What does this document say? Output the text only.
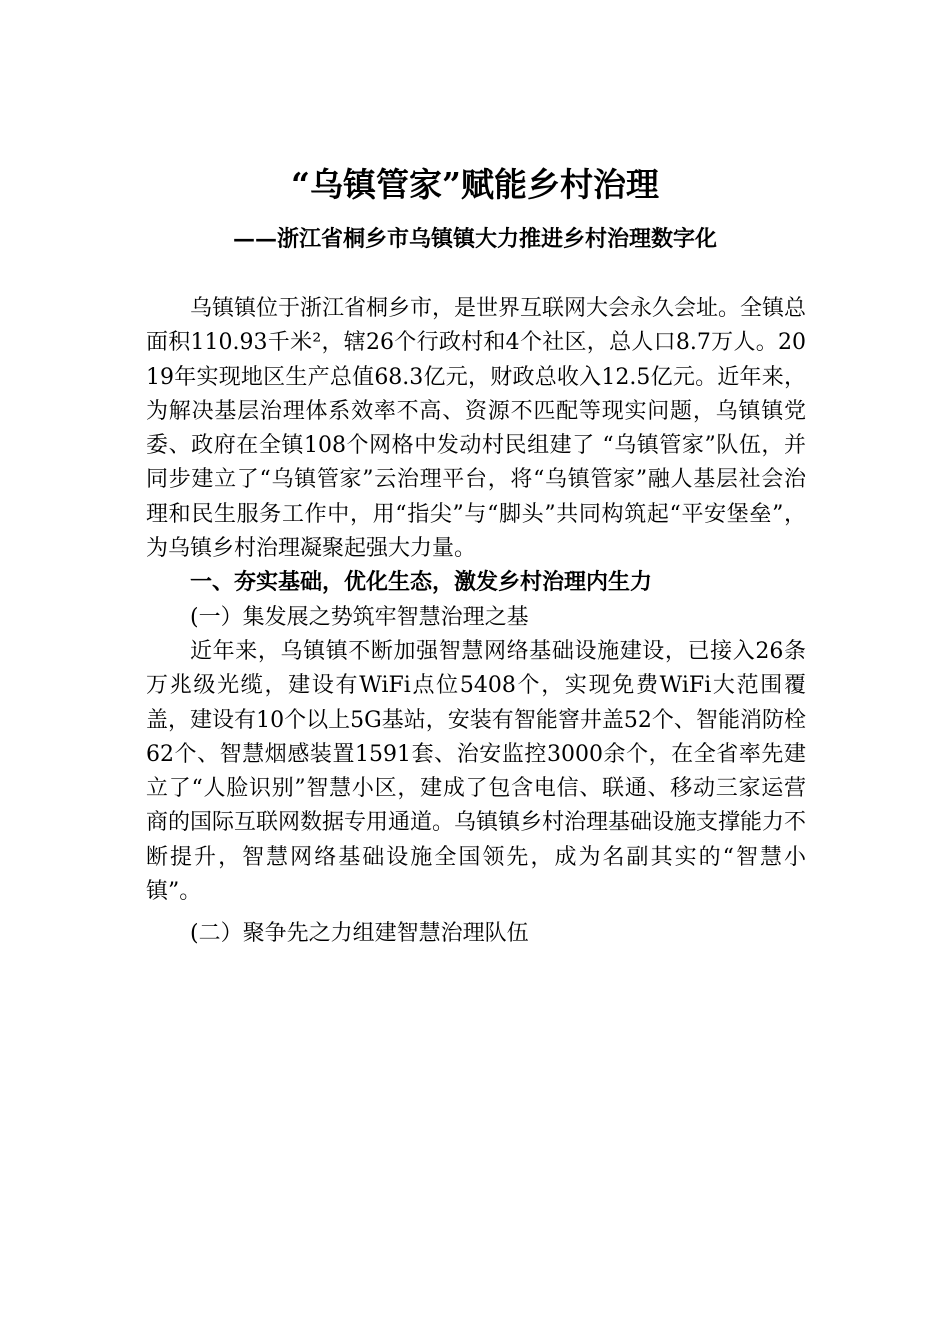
“乌镇管家”赋能乡村治理
——浙江省桐乡市乌镇镇大力推进乡村治理数字化

乌镇镇位于浙江省桐乡市，是世界互联网大会永久会址。全镇总面积110.93千米²，辖26个行政村和4个社区，总人口8.7万人。2019年实现地区生产总值68.3亿元，财政总收入12.5亿元。近年来，为解决基层治理体系效率不高、资源不匹配等现实问题，乌镇镇党委、政府在全镇108个网格中发动村民组建了 “乌镇管家”队伍，并同步建立了“乌镇管家”云治理平台，将“乌镇管家”融人基层社会治理和民生服务工作中，用“指尖”与“脚头”共同构筑起“平安堡垒”，为乌镇乡村治理凝聚起强大力量。

一、夯实基础，优化生态，激发乡村治理内生力

(一）集发展之势筑牢智慧治理之基

近年来，乌镇镇不断加强智慧网络基础设施建设，已接入26条万兆级光缆，建设有WiFi点位5408个，实现免费WiFi大范围覆盖，建设有10个以上5G基站，安装有智能窨井盖52个、智能消防栓62个、智慧烟感装置1591套、治安监控3000余个，在全省率先建立了“人脸识别”智慧小区，建成了包含电信、联通、移动三家运营商的国际互联网数据专用通道。乌镇镇乡村治理基础设施支撑能力不断提升，智慧网络基础设施全国领先，成为名副其实的“智慧小镇”。

(二）聚争先之力组建智慧治理队伍
